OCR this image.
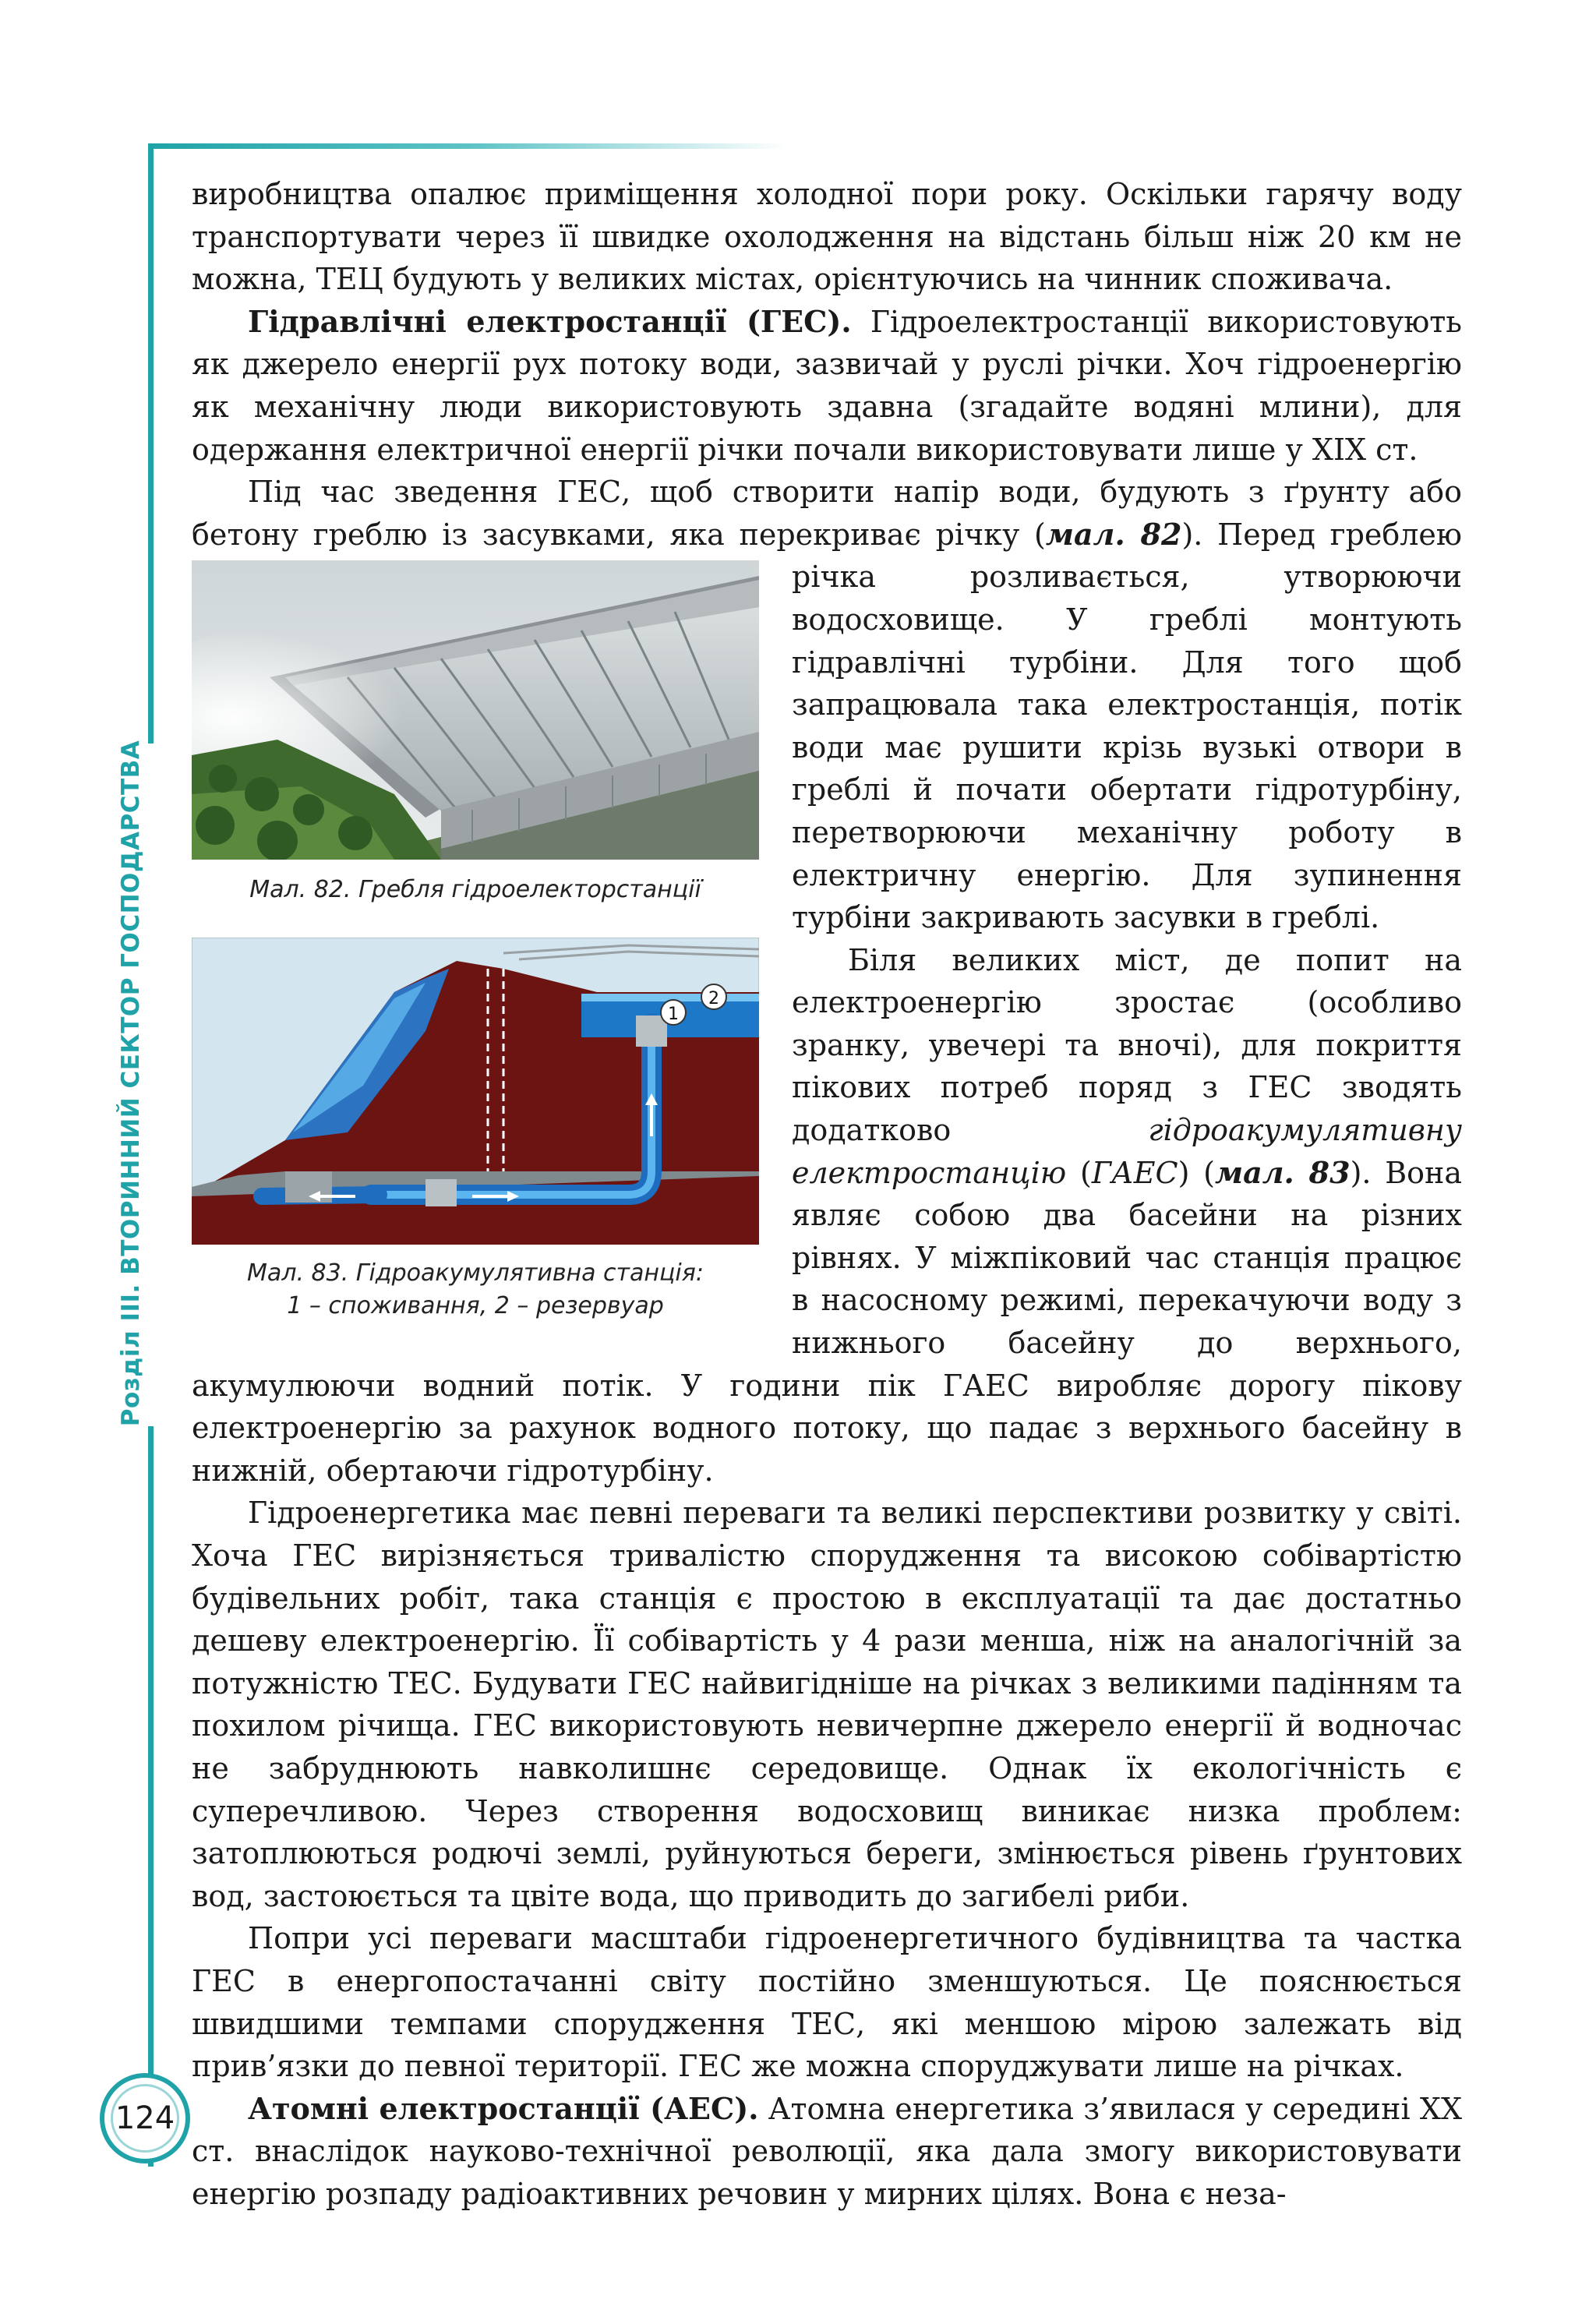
Розділ III. ВТОРИННИЙ СЕКТОР ГОСПОДАРСТВА

виробництва опалює приміщення холодної пори року. Оскільки гарячу воду транспортувати через її швидке охолодження на відстань більш ніж 20 км не можна, ТЕЦ будують у великих містах, орієнтуючись на чинник споживача.

Гідравлічні електростанції (ГЕС). Гідроелектростанції використовують як джерело енергії рух потоку води, зазвичай у руслі річки. Хоч гідроенергію як механічну люди використовують здавна (згадайте водяні млини), для одержання електричної енергії річки почали використовувати лише у XIX ст.

Під час зведення ГЕС, щоб створити напір води, будують з ґрунту або бетону греблю із засувками, яка перекриває річку (мал. 82
Мал. 82. Гребля гідроелекторстанції
1
2
Мал. 83. Гідроакумулятивна станція:
1 – споживання, 2 – резервуар
). Перед греблею річка розливається, утворюючи водосховище. У греблі монтують гідравлічні турбіни. Для того щоб запрацювала така електростанція, потік води має рушити крізь вузькі отвори в греблі й почати обертати гідротурбіну, перетворюючи механічну роботу в електричну енергію. Для зупинення турбіни закривають засувки в греблі.

Біля великих міст, де попит на електроенергію зростає (особливо зранку, увечері та вночі), для покриття пікових потреб поряд з ГЕС зводять додатково гідроакумулятивну електростанцію (ГАЕС) (мал. 83). Вона являє собою два басейни на різних рівнях. У міжпіковий час станція працює в насосному режимі, перекачуючи воду з нижнього басейну до верхнього, акумулюючи водний потік. У години пік ГАЕС виробляє дорогу пікову електроенергію за рахунок водного потоку, що падає з верхнього басейну в нижній, обертаючи гідротурбіну.

Гідроенергетика має певні переваги та великі перспективи розвитку у світі. Хоча ГЕС вирізняється тривалістю спорудження та високою собівартістю будівельних робіт, така станція є простою в експлуатації та дає достатньо дешеву електроенергію. Її собівартість у 4 рази менша, ніж на аналогічній за потужністю ТЕС. Будувати ГЕС найвигідніше на річках з великими падінням та похилом річища. ГЕС використовують невичерпне джерело енергії й водночас не забруднюють навколишнє середовище. Однак їх екологічність є суперечливою. Через створення водосховищ виникає низка проблем: затоплюються родючі землі, руйнуються береги, змінюється рівень ґрунтових вод, застоюється та цвіте вода, що приводить до загибелі риби.

Попри усі переваги масштаби гідроенергетичного будівництва та частка ГЕС в енергопостачанні світу постійно зменшуються. Це пояснюється швидшими темпами спорудження ТЕС, які меншою мірою залежать від прив’язки до певної території. ГЕС же можна споруджувати лише на річках.

Атомні електростанції (АЕС). Атомна енергетика з’явилася у середині XX ст. внаслідок науково-технічної революції, яка дала змогу використовувати енергію розпаду радіоактивних речовин у мирних цілях. Вона є неза-

124
